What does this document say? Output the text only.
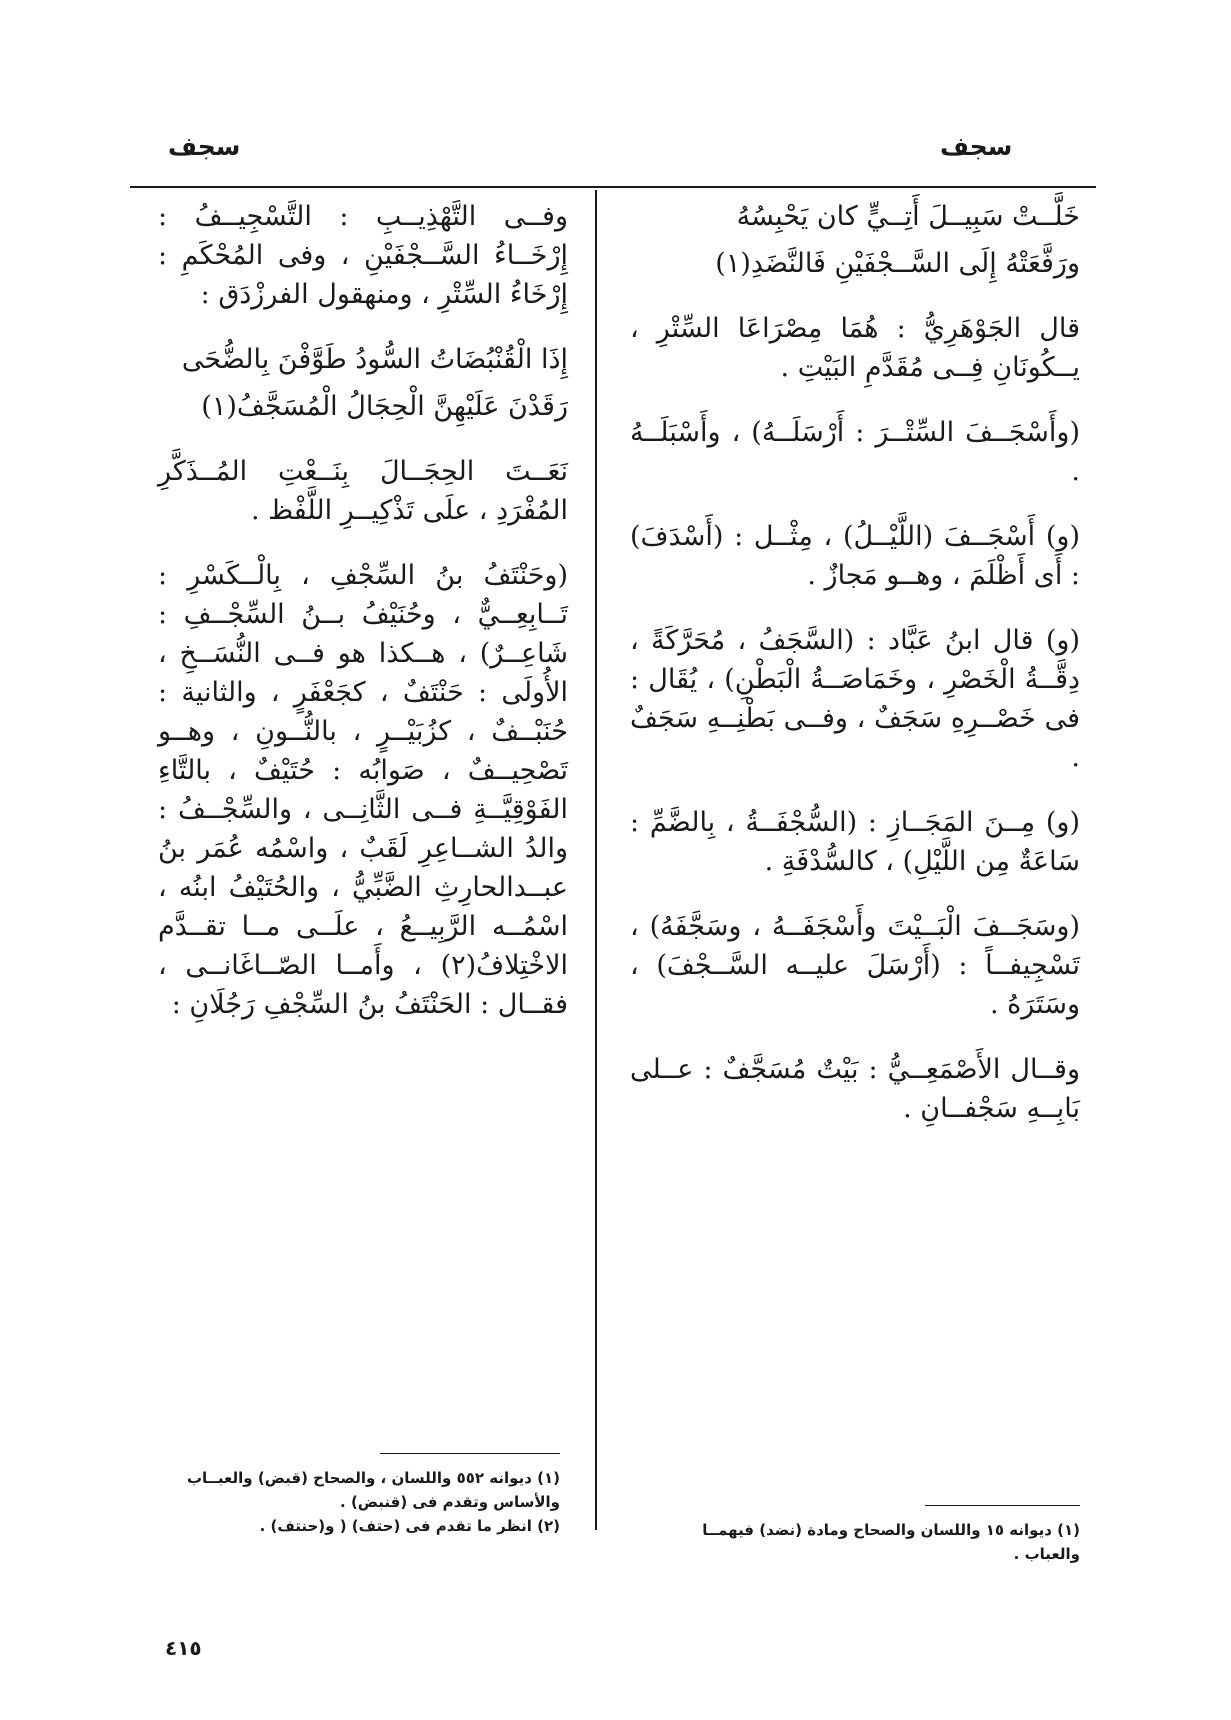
سجف	سجف

خَلَّــتْ سَبِيــلَ أَتِــيٍّ كان يَحْبِسُهُ

ورَفَّعَتْهُ إِلَى السَّــجْفَيْنِ فَالنَّضَدِ(١)

قال الجَوْهَرِيُّ : هُمَا مِصْرَاعَا السِّتْرِ ، يــكُونَانِ فِــى مُقَدَّمِ البَيْتِ .

(وأَسْجَــفَ السِّتْــرَ : أَرْسَلَــهُ) ، وأَسْبَلَــهُ .

(و) أَسْجَــفَ (اللَّيْــلُ) ، مِثْــل : (أَسْدَفَ) : أَى أَظْلَمَ ، وهــو مَجازٌ .

(و) قال ابنُ عَبَّاد : (السَّجَفُ ، مُحَرَّكَةً ، دِقَّــةُ الْخَصْرِ ، وخَمَاصَــةُ الْبَطْنِ) ، يُقَال : فى خَصْــرِهِ سَجَفٌ ، وفــى بَطْنِــهِ سَجَفٌ .

(و) مِــنَ المَجَــازِ : (السُّجْفَــةُ ، بِالضَّمِّ : سَاعَةٌ مِن اللَّيْلِ) ، كالسُّدْفَةِ .

(وسَجَــفَ الْبَــيْتَ وأَسْجَفَــهُ ، وسَجَّفَهُ) ، تَسْجِيفــاً : (أَرْسَلَ عليــه السَّــجْفَ) ، وسَتَرَهُ .

وقــال الأَصْمَعِــيُّ : بَيْتٌ مُسَجَّفٌ : عــلى بَابِــهِ سَجْفــانِ .

وفــى التَّهْذِيــبِ : التَّسْجِيــفُ : إِرْخَــاءُ السَّــجْفَيْنِ ، وفى المُحْكَمِ : إِرْخَاءُ السِّتْرِ ، ومنهقول الفرزْدَق :

إِذَا الْقُنْبُضَاتُ السُّودُ طَوَّفْنَ بِالضُّحَى

رَقَدْنَ عَلَيْهِنَّ الْحِجَالُ الْمُسَجَّفُ(١)

نَعَــتَ الحِجَــالَ بِنَــعْتِ المُــذَكَّرِ المُفْرَدِ ، علَى تَذْكِيــرِ اللَّفْظ .

(وحَنْتَفُ بنُ السِّجْفِ ، بِالْــكَسْرِ : تَــابِعِــيٌّ ، وحُنَيْفُ بــنُ السِّجْــفِ : شَاعِــرٌ) ، هــكذا هو فــى النُّسَــخِ ، الأُولَى : حَنْتَفٌ ، كجَعْفَرٍ ، والثانية : حُنَبْــفٌ ، كزُبَيْــرٍ ، بالنُّــونِ ، وهــو تَصْحِيــفٌ ، صَوابُه : حُتَيْفٌ ، بالتَّاءِ الفَوْقِيَّــةِ فــى الثَّانِــى ، والسِّجْــفُ : والدُ الشــاعِرِ لَقَبٌ ، واسْمُه عُمَر بنُ عبــدالحارِثِ الضَّبِّيُّ ، والحُتَيْفُ ابنُه ، اسْمُــه الرَّبِيــعُ ، علَــى مــا تقــدَّم الاخْتِلافُ(٢) ، وأَمــا الصّــاغَانــى ، فقــال : الحَنْتَفُ بنُ السِّجْفِ رَجُلَانِ :

(١) ديوانه ٥٥٢ واللسان ، والصحاح (قبض) والعبــاب والأساس وتقدم فى (قنبض) .

(٢) انظر ما تقدم فى (حتف) ( و(حنتف) .	(١) ديوانه ١٥ واللسان والصحاح ومادة (نضد) فيهمــا والعباب .

٤١٥
